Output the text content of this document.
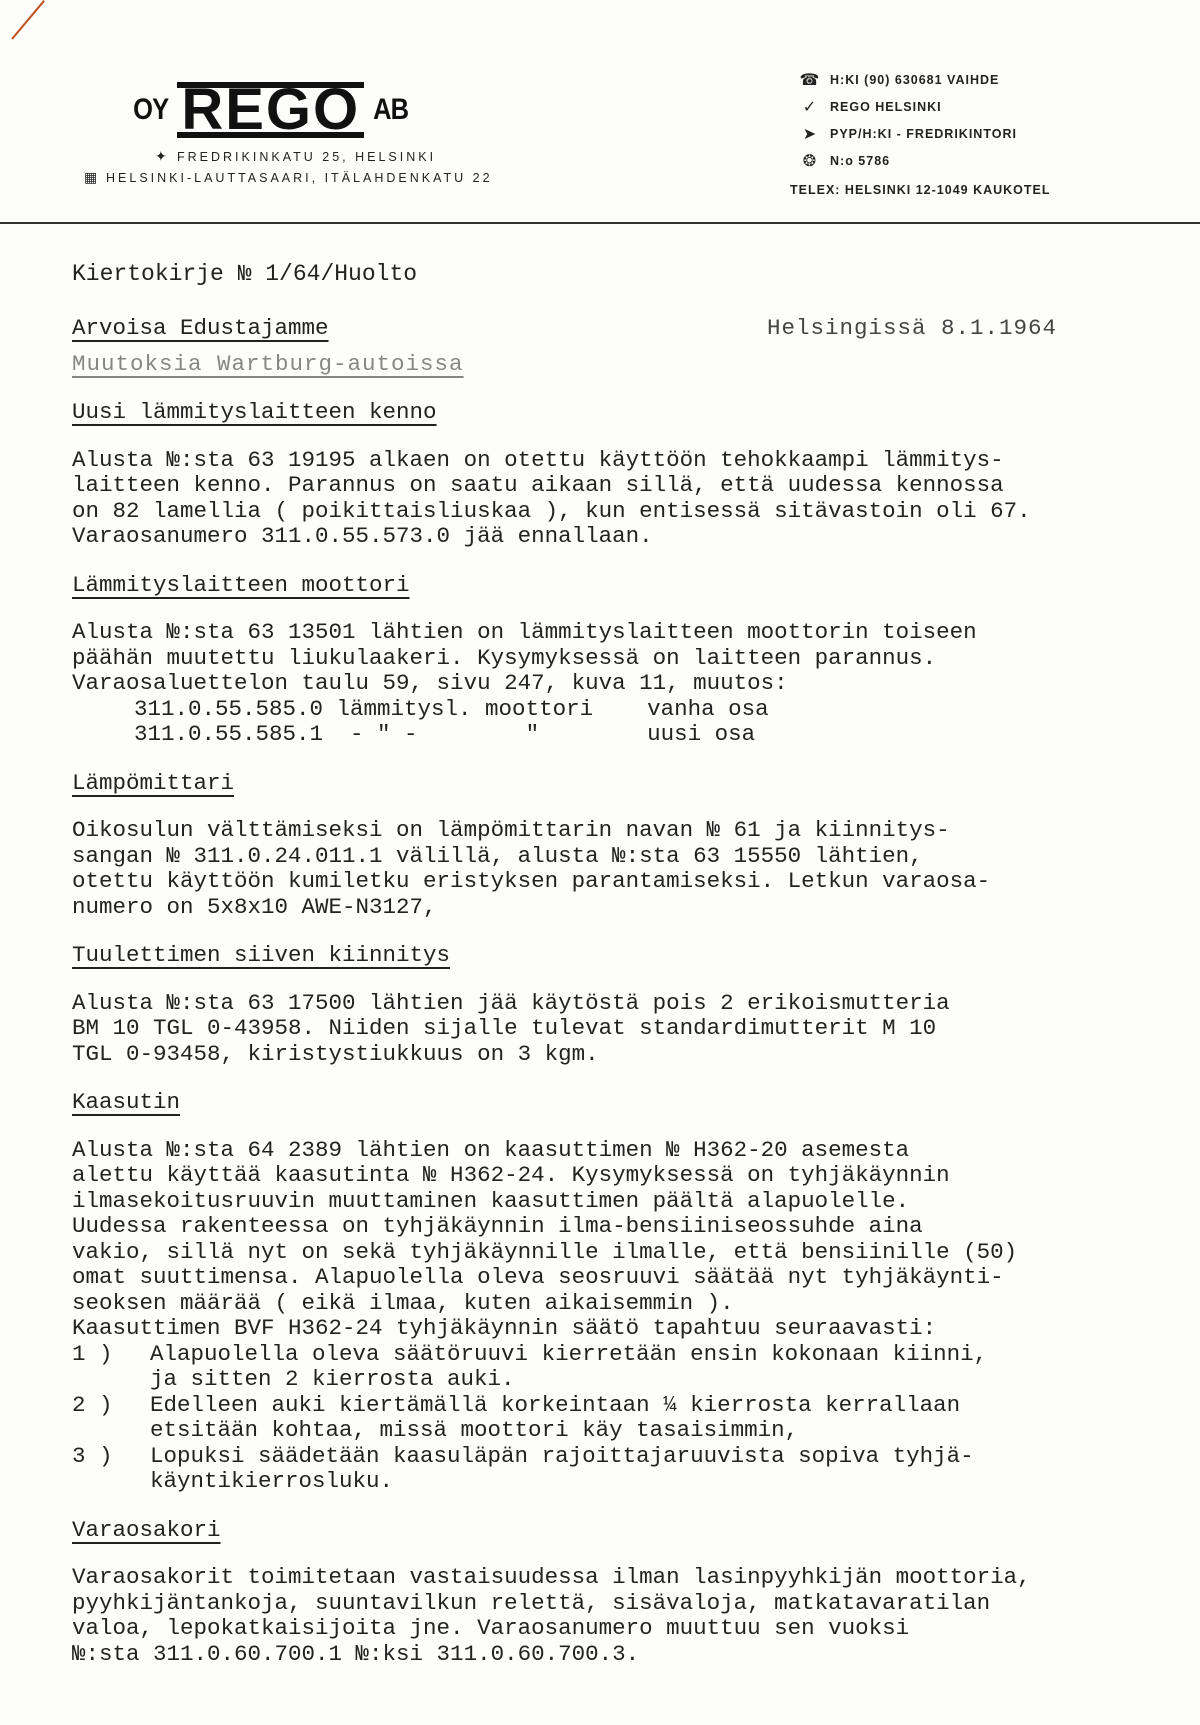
OY REGO AB
✦ FREDRIKINKATU 25, HELSINKI
▦ HELSINKI-LAUTTASAARI, ITÄLAHDENKATU 22
☎ H:KI (90) 630681 VAIHDE
✓	REGO HELSINKI
➤	PYP/H:KI - FREDRIKINTORI
❂	N:o 5786
TELEX: HELSINKI 12-1049 KAUKOTEL
Kiertokirje № 1/64/Huolto
Arvoisa Edustajamme	Helsingissä 8.1.1964
Muutoksia Wartburg-autoissa
Uusi lämmityslaitteen kenno
Alusta №:sta 63 19195 alkaen on otettu käyttöön tehokkaampi lämmitys-
laitteen kenno. Parannus on saatu aikaan sillä, että uudessa kennossa
on 82 lamellia ( poikittaisliuskaa ), kun entisessä sitävastoin oli 67.
Varaosanumero 311.0.55.573.0 jää ennallaan.
Lämmityslaitteen moottori
Alusta №:sta 63 13501 lähtien on lämmityslaitteen moottorin toiseen
päähän muutettu liukulaakeri. Kysymyksessä on laitteen parannus.
Varaosaluettelon taulu 59, sivu 247, kuva 11, muutos:
311.0.55.585.0 lämmitysl. moottori    vanha osa
311.0.55.585.1  - " -        "        uusi osa
Lämpömittari
Oikosulun välttämiseksi on lämpömittarin navan № 61 ja kiinnitys-
sangan № 311.0.24.011.1 välillä, alusta №:sta 63 15550 lähtien,
otettu käyttöön kumiletku eristyksen parantamiseksi. Letkun varaosa-
numero on 5x8x10 AWE-N3127,
Tuulettimen siiven kiinnitys
Alusta №:sta 63 17500 lähtien jää käytöstä pois 2 erikoismutteria
BM 10 TGL 0-43958. Niiden sijalle tulevat standardimutterit M 10
TGL 0-93458, kiristystiukkuus on 3 kgm.
Kaasutin
Alusta №:sta 64 2389 lähtien on kaasuttimen № H362-20 asemesta
alettu käyttää kaasutinta № H362-24. Kysymyksessä on tyhjäkäynnin
ilmasekoitusruuvin muuttaminen kaasuttimen päältä alapuolelle.
Uudessa rakenteessa on tyhjäkäynnin ilma-bensiiniseossuhde aina
vakio, sillä nyt on sekä tyhjäkäynnille ilmalle, että bensiinille (50)
omat suuttimensa. Alapuolella oleva seosruuvi säätää nyt tyhjäkäynti-
seoksen määrää ( eikä ilmaa, kuten aikaisemmin ).
Kaasuttimen BVF H362-24 tyhjäkäynnin säätö tapahtuu seuraavasti:
1 )	Alapuolella oleva säätöruuvi kierretään ensin kokonaan kiinni,
ja sitten 2 kierrosta auki.
2 )	Edelleen auki kiertämällä korkeintaan ¼ kierrosta kerrallaan
etsitään kohtaa, missä moottori käy tasaisimmin,
3 )	Lopuksi säädetään kaasuläpän rajoittajaruuvista sopiva tyhjä-
käyntikierrosluku.
Varaosakori
Varaosakorit toimitetaan vastaisuudessa ilman lasinpyyhkijän moottoria,
pyyhkijäntankoja, suuntavilkun relettä, sisävaloja, matkatavaratilan
valoa, lepokatkaisijoita jne. Varaosanumero muuttuu sen vuoksi
№:sta 311.0.60.700.1 №:ksi 311.0.60.700.3.
